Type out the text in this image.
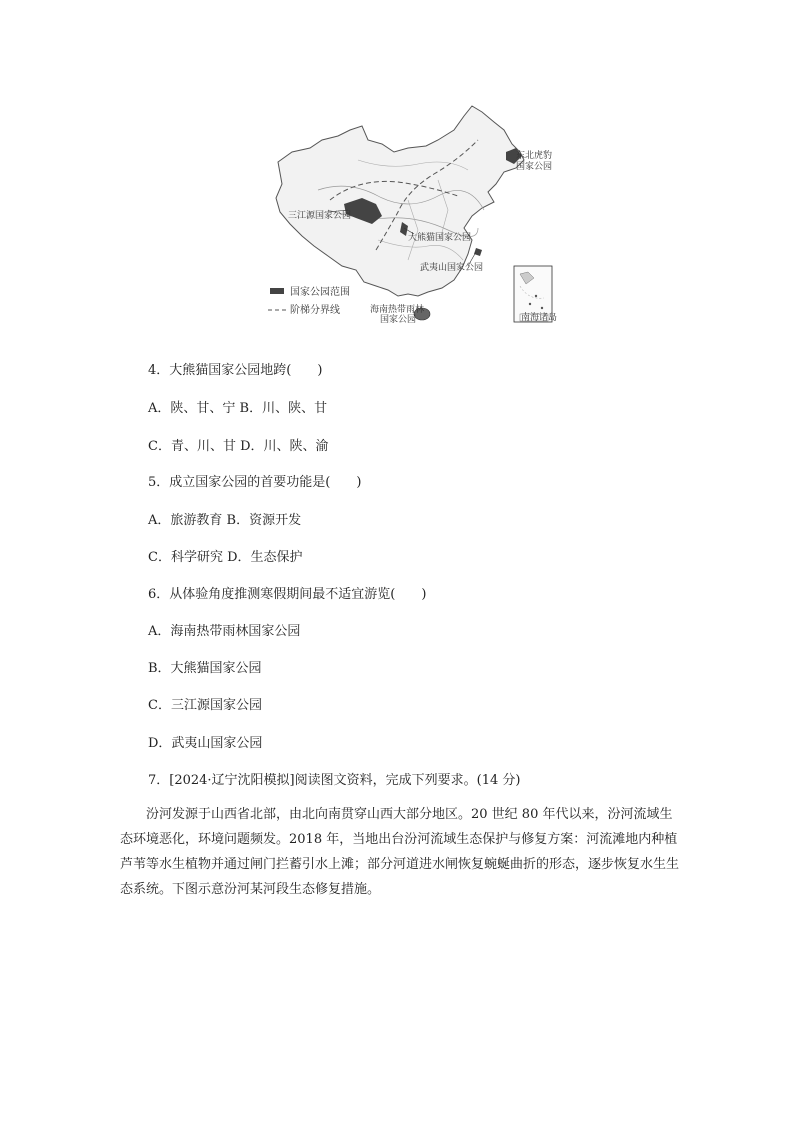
东北虎豹
国家公园
三江源国家公园
大熊猫国家公园
武夷山国家公园
海南热带雨林
国家公园	南海诸岛
国家公园范围
阶梯分界线
4．大熊猫国家公园地跨(　　)
A．陕、甘、宁 B．川、陕、甘
C．青、川、甘 D．川、陕、渝
5．成立国家公园的首要功能是(　　)
A．旅游教育 B．资源开发
C．科学研究 D．生态保护
6．从体验角度推测寒假期间最不适宜游览(　　)
A．海南热带雨林国家公园
B．大熊猫国家公园
C．三江源国家公园
D．武夷山国家公园
7．[2024·辽宁沈阳模拟]阅读图文资料，完成下列要求。(14 分)

汾河发源于山西省北部，由北向南贯穿山西大部分地区。20 世纪 80 年代以来，汾河流域生态环境恶化，环境问题频发。2018 年，当地出台汾河流域生态保护与修复方案：河流滩地内种植芦苇等水生植物并通过闸门拦蓄引水上滩；部分河道进水闸恢复蜿蜒曲折的形态，逐步恢复水生生态系统。下图示意汾河某河段生态修复措施。
